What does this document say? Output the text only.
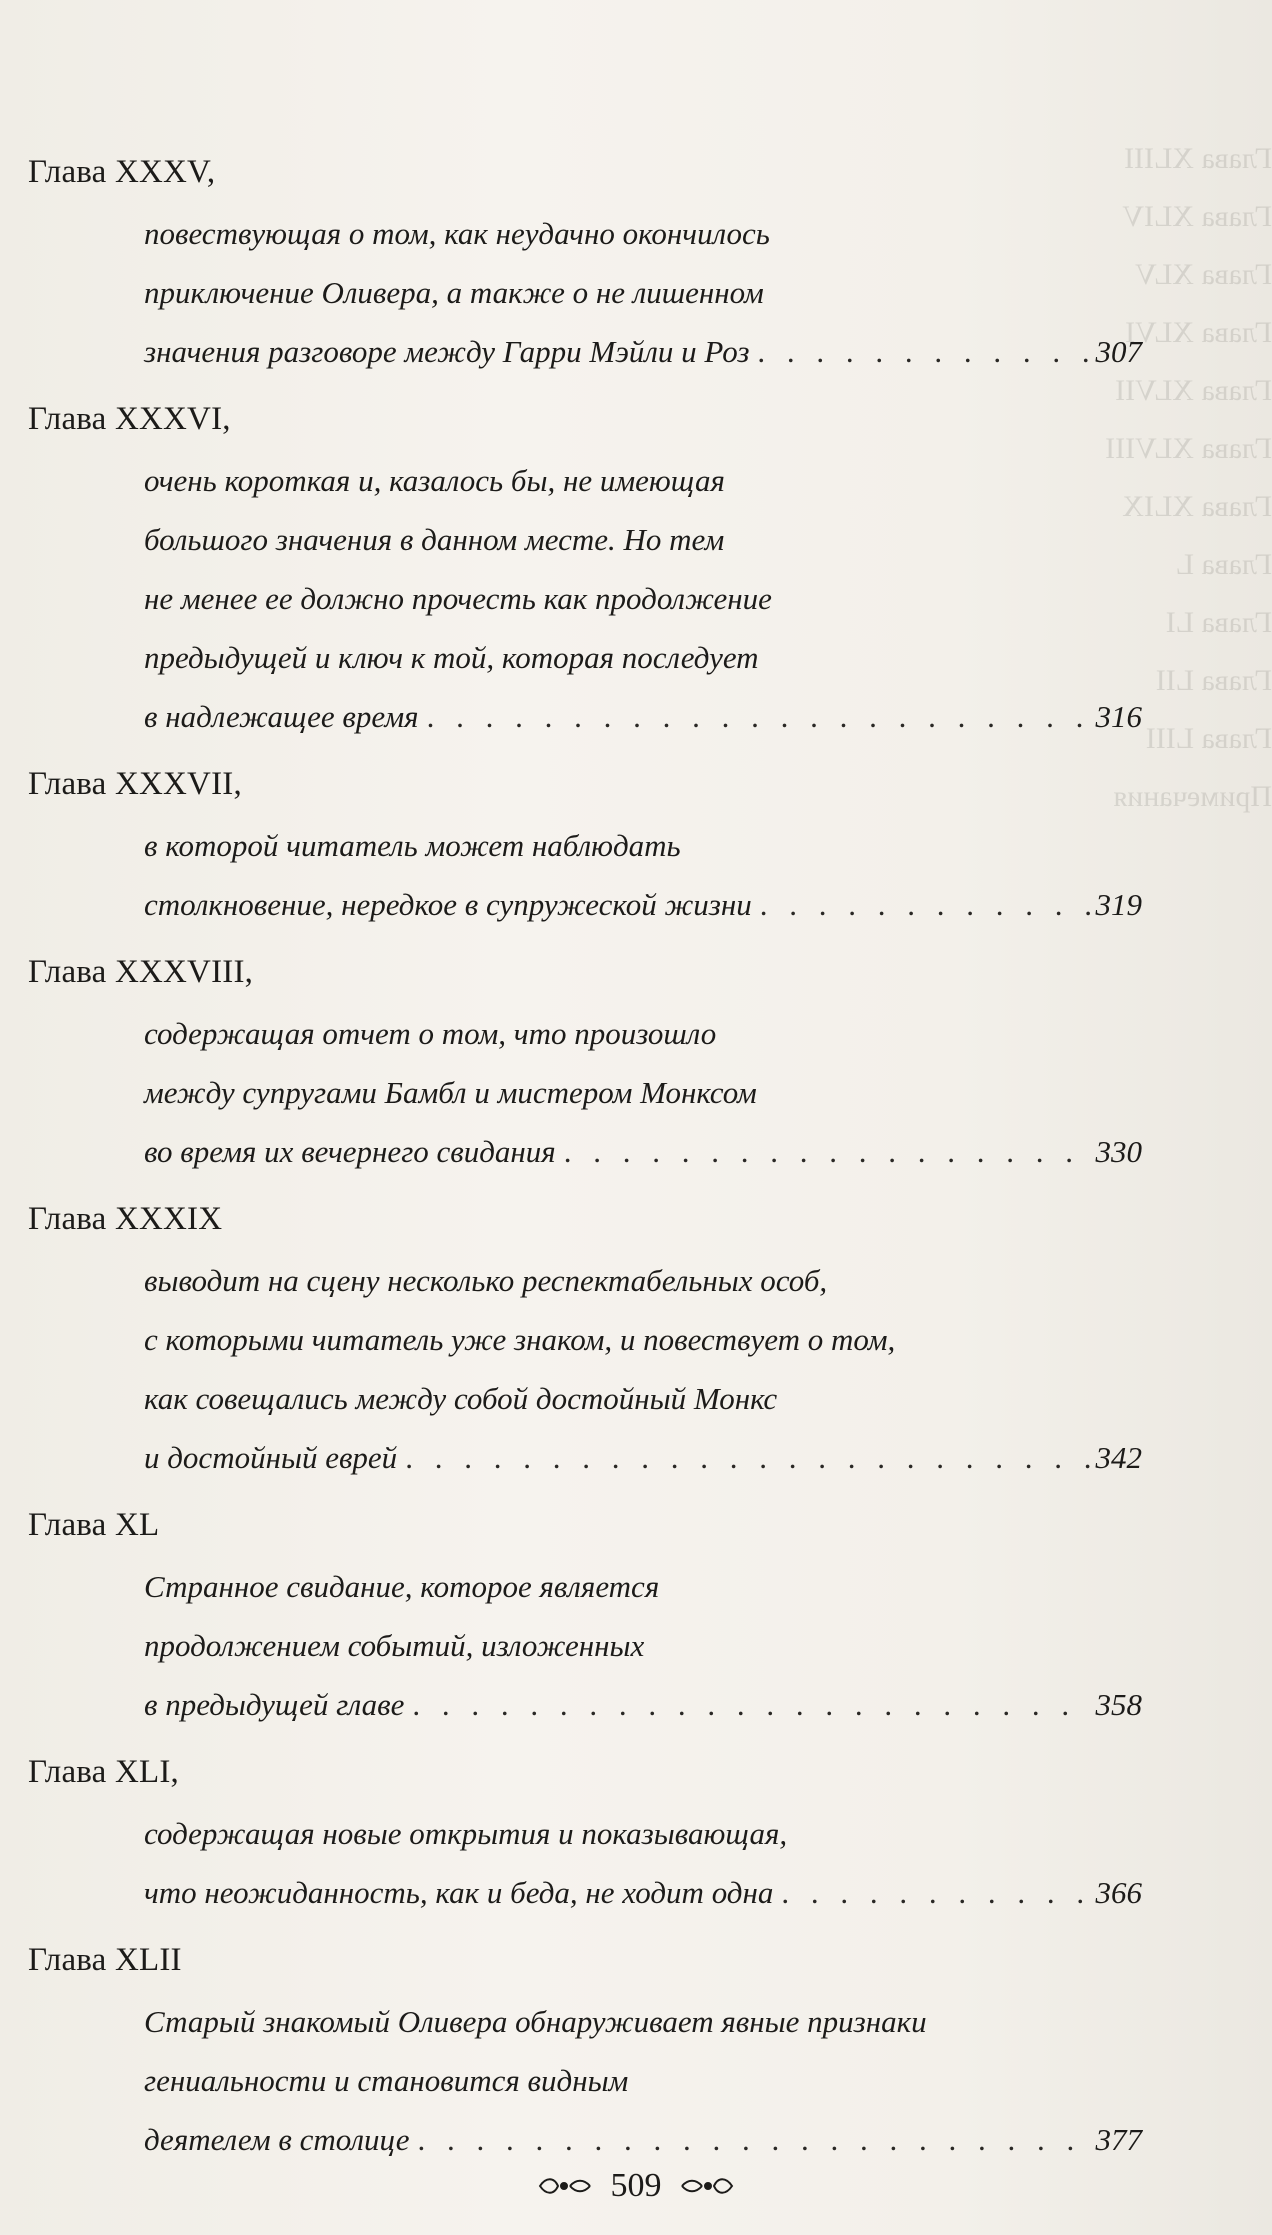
Глава XLIII
Глава XLIV
Глава XLV
Глава XLVI
Глава XLVII
Глава XLVIII
Глава XLIX
Глава L
Глава LI
Глава LII
Глава LIII
Примечания
Глава XXXV,
повествующая о том, как неудачно окончилось
приключение Оливера, а также о не лишенном
значения разговоре между Гарри Мэйли и Роз . . .	307
Глава XXXVI,
очень короткая и, казалось бы, не имеющая
большого значения в данном месте. Но тем
не менее ее должно прочесть как продолжение
предыдущей и ключ к той, которая последует
в надлежащее время . . .	316
Глава XXXVII,
в которой читатель может наблюдать
столкновение, нередкое в супружеской жизни . . .	319
Глава XXXVIII,
содержащая отчет о том, что произошло
между супругами Бамбл и мистером Монксом
во время их вечернего свидания . . .	330
Глава XXXIX
выводит на сцену несколько респектабельных особ,
с которыми читатель уже знаком, и повествует о том,
как совещались между собой достойный Монкс
и достойный еврей . . .	342
Глава XL
Странное свидание, которое является
продолжением событий, изложенных
в предыдущей главе . . .	358
Глава XLI,
содержащая новые открытия и показывающая,
что неожиданность, как и беда, не ходит одна . . .	366
Глава XLII
Старый знакомый Оливера обнаруживает явные признаки
гениальности и становится видным
деятелем в столице . . .	377
509
